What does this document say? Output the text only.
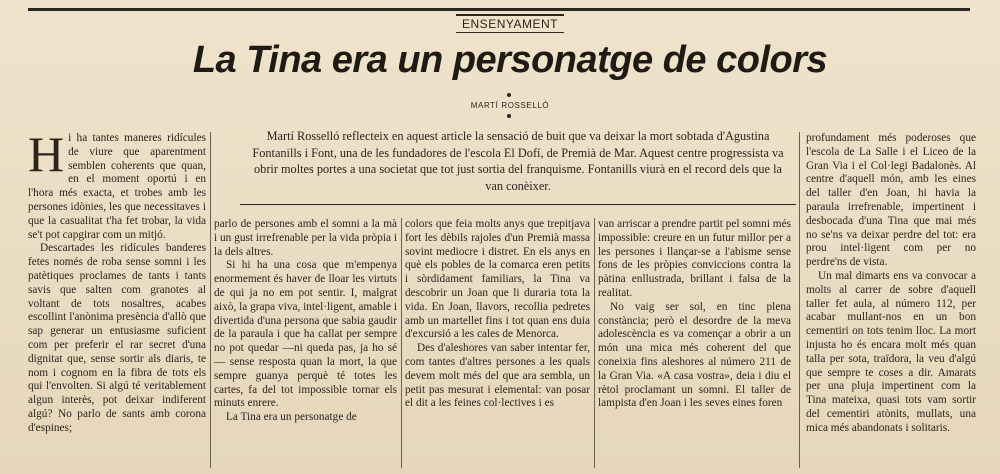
ENSENYAMENT
La Tina era un personatge de colors
MARTÍ ROSSELLÓ
Martí Rosselló reflecteix en aquest article la sensació de buit que va deixar la mort sobtada d'Agustina Fontanills i Font, una de les fundadores de l'escola El Dofí, de Premià de Mar. Aquest centre progressista va obrir moltes portes a una societat que tot just sortia del franquisme. Fontanills viurà en el record dels que la van conèixer.

Hi ha tantes maneres ridícules de viure que aparentment semblen coherents que quan, en el moment oportú i en l'hora més exacta, et trobes amb les persones idònies, les que necessitaves i que la casualitat t'ha fet trobar, la vida se't pot capgirar com un mitjó.

Descartades les ridícules banderes fetes només de roba sense somni i les patètiques proclames de tants i tants savis que salten com granotes al voltant de tots nosaltres, acabes escollint l'anònima presència d'allò que sap generar un entusiasme suficient com per preferir el rar secret d'una dignitat que, sense sortir als diaris, te nom i cognom en la fibra de tots els qui l'envolten. Si algú té veritablement algun interès, pot deixar indiferent algú? No parlo de sants amb corona d'espines;

parlo de persones amb el somni a la mà i un gust irrefrenable per la vida pròpia i la dels altres.

Si hi ha una cosa que m'empenya enormement és haver de lloar les virtuts de qui ja no em pot sentir. I, malgrat això, la grapa viva, intel·ligent, amable i divertida d'una persona que sabia gaudir de la paraula i que ha callat per sempre no pot quedar —ni queda pas, ja ho sé— sense resposta quan la mort, la que sempre guanya perquè té totes les cartes, fa del tot impossible tornar els minuts enrere.

La Tina era un personatge de

colors que feia molts anys que trepitjava fort les dèbils rajoles d'un Premià massa sovint mediocre i distret. En els anys en què els pobles de la comarca eren petits i sòrdidament familiars, la Tina va descobrir un Joan que li duraria tota la vida. En Joan, llavors, recollia pedretes amb un martellet fins i tot quan ens duia d'excursió a les cales de Menorca.

Des d'aleshores van saber intentar fer, com tantes d'altres persones a les quals devem molt més del que ara sembla, un petit pas mesurat i elemental: van posar el dit a les feines col·lectives i es

van arriscar a prendre partit pel somni més impossible: creure en un futur millor per a les persones i llançar-se a l'abisme sense fons de les pròpies conviccions contra la pàtina enllustrada, brillant i falsa de la realitat.

No vaig ser sol, en tinc plena constància; però el desordre de la meva adolescència es va començar a obrir a un món una mica més coherent del que coneixia fins aleshores al número 211 de la Gran Via. «A casa vostra», deia i diu el rètol proclamant un somni. El taller de lampista d'en Joan i les seves eines foren

profundament més poderoses que l'escola de La Salle i el Liceo de la Gran Via i el Col·legi Badalonès. Al centre d'aquell món, amb les eines del taller d'en Joan, hi havia la paraula irrefrenable, impertinent i desbocada d'una Tina que mai més no se'ns va deixar perdre del tot: era prou intel·ligent com per no perdre'ns de vista.

Un mal dimarts ens va convocar a molts al carrer de sobre d'aquell taller fet aula, al número 112, per acabar mullant-nos en un bon cementiri on tots tenim lloc. La mort injusta ho és encara molt més quan talla per sota, traïdora, la veu d'algú que sempre te coses a dir. Amarats per una pluja impertinent com la Tina mateixa, quasi tots vam sortir del cementiri atònits, mullats, una mica més abandonats i solitaris.
